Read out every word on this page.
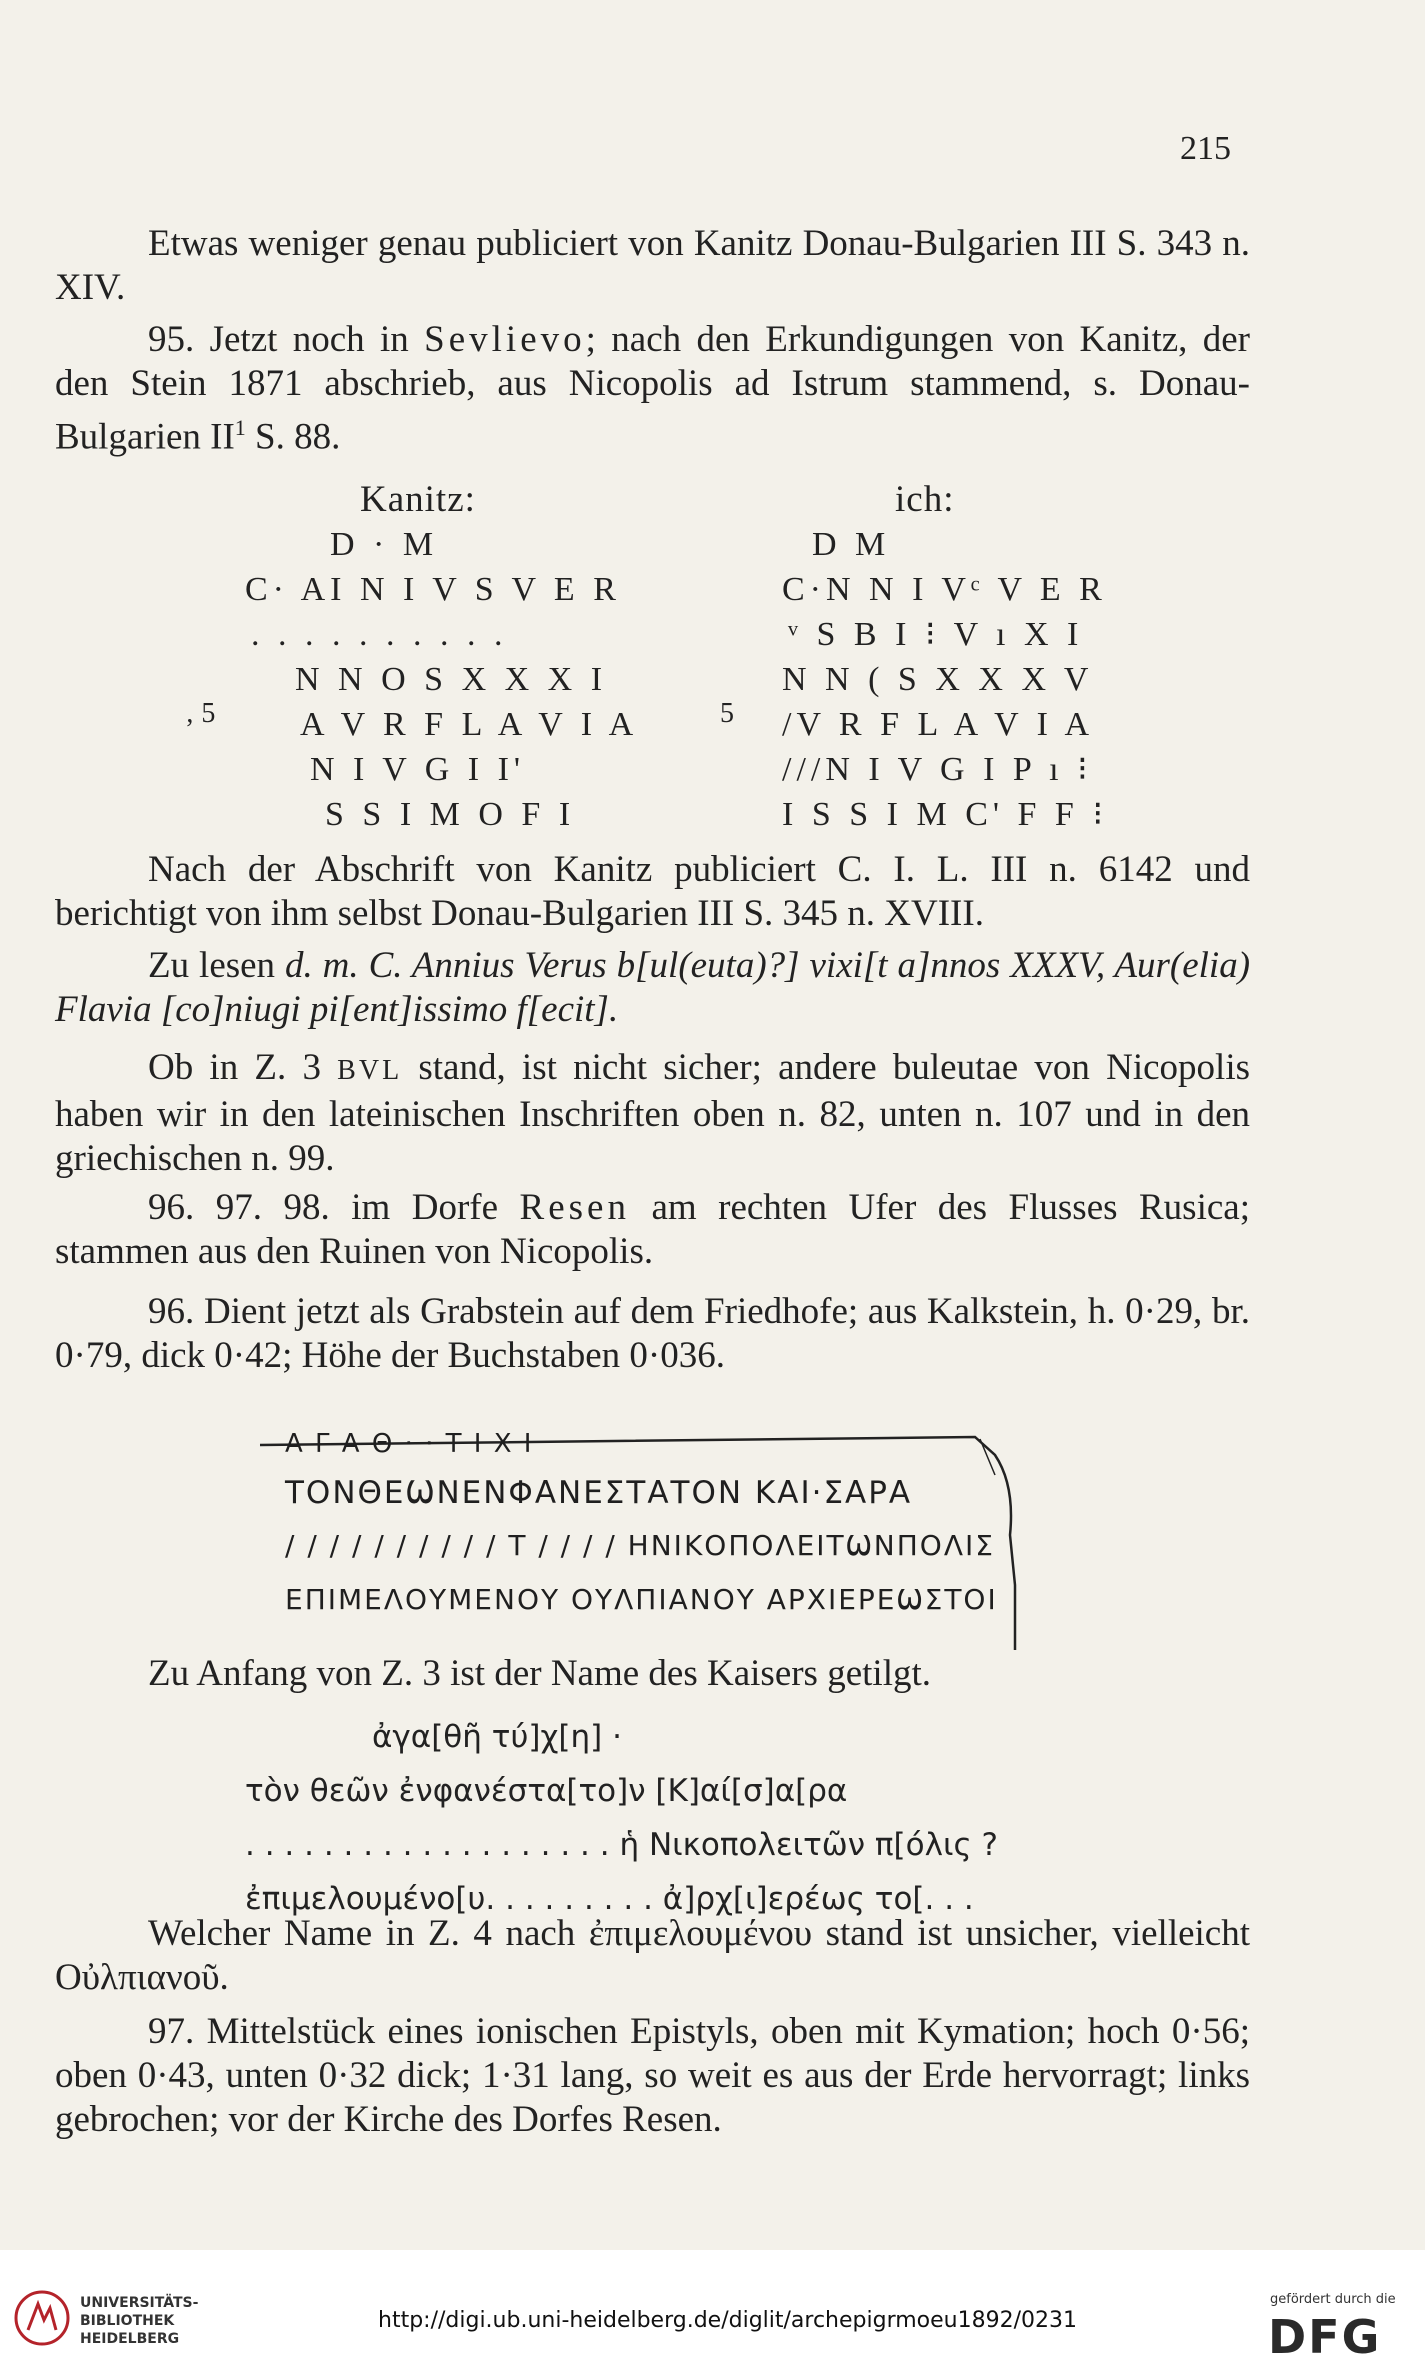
215

Etwas weniger genau publiciert von Kanitz Donau-Bulgarien III S. 343 n. XIV.

95. Jetzt noch in Sevlievo; nach den Erkundigungen von Kanitz, der den Stein 1871 abschrieb, aus Nicopolis ad Istrum stammend, s. Donau-Bulgarien $II^1$ S. 88.

Kanitz:	ich:
D · M
C· AI N I V S V E R
. . . . . . . . . .
N N O S X X X I
A V R F L A V I A
N I V G I I'
S S I M O F I
‚ 5
D M
C·N N I Vᶜ V E R
ᵛ S B I ⁝ V ı X I
N N ( S X X X V
/V R F L A V I A
///N I V G I P ı ⁝
I S S I M C' F F ⁝
5

Nach der Abschrift von Kanitz publiciert C. I. L. III n. 6142 und berichtigt von ihm selbst Donau-Bulgarien III S. 345 n. XVIII.

Zu lesen d. m. C. Annius Verus b[ul(euta)?] vixi[t a]nnos XXXV, Aur(elia) Flavia [co]niugi pi[ent]issimo f[ecit].

Ob in Z. 3 BVL stand, ist nicht sicher; andere buleutae von Nicopolis haben wir in den lateinischen Inschriften oben n. 82, unten n. 107 und in den griechischen n. 99.

96. 97. 98. im Dorfe Resen am rechten Ufer des Flusses Rusica; stammen aus den Ruinen von Nicopolis.

96. Dient jetzt als Grabstein auf dem Friedhofe; aus Kalkstein, h. 0·29, br. 0·79, dick 0·42; Höhe der Buchstaben 0·036.

Α Γ Α Θ · · Τ Ι Χ Ι
ΤΟΝΘΕѠΝΕΝΦΑΝΕΣΤΑΤΟΝ ΚΑΙ·ΣΑΡΑ
/ / / / / / / / / / Τ / / / / ΗΝΙΚΟΠΟΛΕΙΤѠΝΠΟΛΙΣ
ΕΠΙΜΕΛΟΥΜΕΝΟΥ ΟΥΛΠΙΑΝΟΥ ΑΡΧΙΕΡΕѠΣΤΟΙ

Zu Anfang von Z. 3 ist der Name des Kaisers getilgt.

ἀγα[θῆ τύ]χ[η] ·
τὸν θεῶν ἐνφανέστα[το]ν [Κ]αί[σ]α[ρα
. . . . . . . . . . . . . . . . . . . ἡ Νικοπολειτῶν π[όλις ?
ἐπιμελουμένο[υ. . . . . . . . . ἀ]ρχ[ι]ερέως το[. . .

Welcher Name in Z. 4 nach ἐπιμελουμένου stand ist unsicher, vielleicht Οὐλπιανοῦ.

97. Mittelstück eines ionischen Epistyls, oben mit Kymation; hoch 0·56; oben 0·43, unten 0·32 dick; 1·31 lang, so weit es aus der Erde hervorragt; links gebrochen; vor der Kirche des Dorfes Resen.

UNIVERSITÄTS-
BIBLIOTHEK
HEIDELBERG
http://digi.ub.uni-heidelberg.de/diglit/archepigrmoeu1892/0231
gefördert durch die
DFG
